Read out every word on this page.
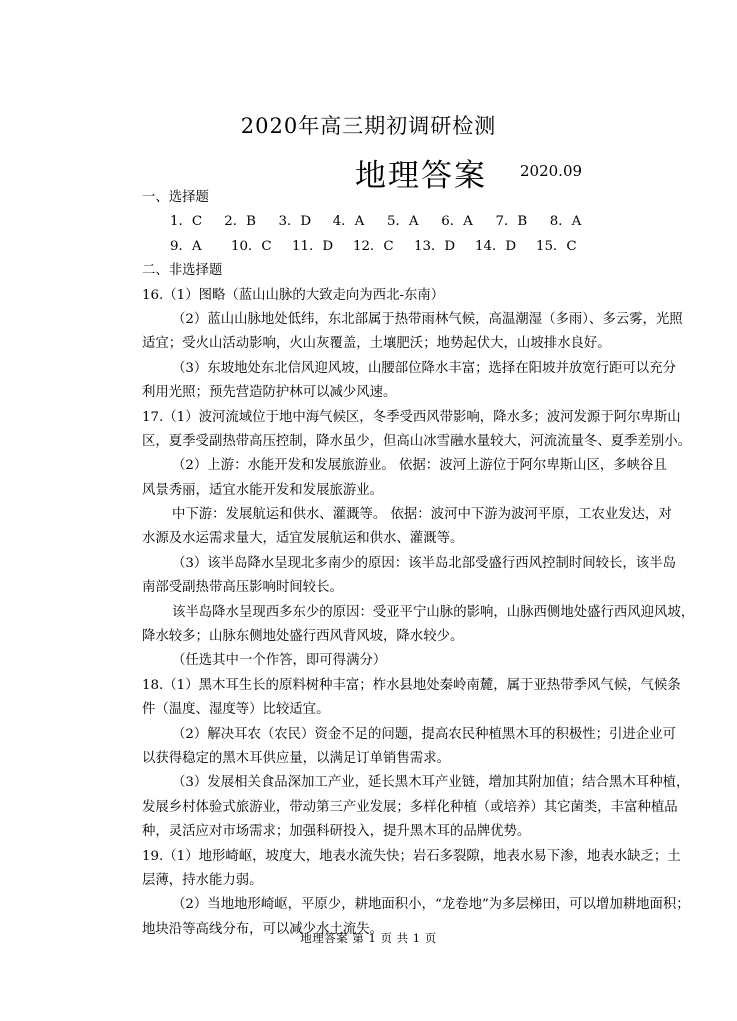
2020年高三期初调研检测
地理答案 2020.09
一、选择题
1．C	2．B	3．D	4．A	5．A	6．A	7．B	8．A
9．A	10．C	11．D	12．C	13．D	14．D	15．C
二、非选择题
16.（1）图略（蓝山山脉的大致走向为西北-东南）
（2）蓝山山脉地处低纬，东北部属于热带雨林气候，高温潮湿（多雨）、多云雾，光照
适宜；受火山活动影响，火山灰覆盖，土壤肥沃；地势起伏大，山坡排水良好。
（3）东坡地处东北信风迎风坡，山腰部位降水丰富；选择在阳坡并放宽行距可以充分
利用光照；预先营造防护林可以减少风速。
17.（1）波河流域位于地中海气候区，冬季受西风带影响，降水多；波河发源于阿尔卑斯山
区，夏季受副热带高压控制，降水虽少，但高山冰雪融水量较大，河流流量冬、夏季差别小。
（2）上游：水能开发和发展旅游业。 依据：波河上游位于阿尔卑斯山区，多峡谷且
风景秀丽，适宜水能开发和发展旅游业。
中下游：发展航运和供水、灌溉等。 依据：波河中下游为波河平原，工农业发达，对
水源及水运需求量大，适宜发展航运和供水、灌溉等。
（3）该半岛降水呈现北多南少的原因：该半岛北部受盛行西风控制时间较长，该半岛
南部受副热带高压影响时间较长。
该半岛降水呈现西多东少的原因：受亚平宁山脉的影响，山脉西侧地处盛行西风迎风坡，
降水较多；山脉东侧地处盛行西风背风坡，降水较少。
（任选其中一个作答，即可得满分）
18.（1）黑木耳生长的原料树种丰富；柞水县地处秦岭南麓，属于亚热带季风气候，气候条
件（温度、湿度等）比较适宜。
（2）解决耳农（农民）资金不足的问题，提高农民种植黑木耳的积极性；引进企业可
以获得稳定的黑木耳供应量，以满足订单销售需求。
（3）发展相关食品深加工产业，延长黑木耳产业链，增加其附加值；结合黑木耳种植，
发展乡村体验式旅游业，带动第三产业发展；多样化种植（或培养）其它菌类，丰富种植品
种，灵活应对市场需求；加强科研投入，提升黑木耳的品牌优势。
19.（1）地形崎岖，坡度大，地表水流失快；岩石多裂隙，地表水易下渗，地表水缺乏；土
层薄，持水能力弱。
（2）当地地形崎岖，平原少，耕地面积小，“龙卷地”为多层梯田，可以增加耕地面积；
地块沿等高线分布，可以减少水土流失。
地理答案 第 1 页 共 1 页
